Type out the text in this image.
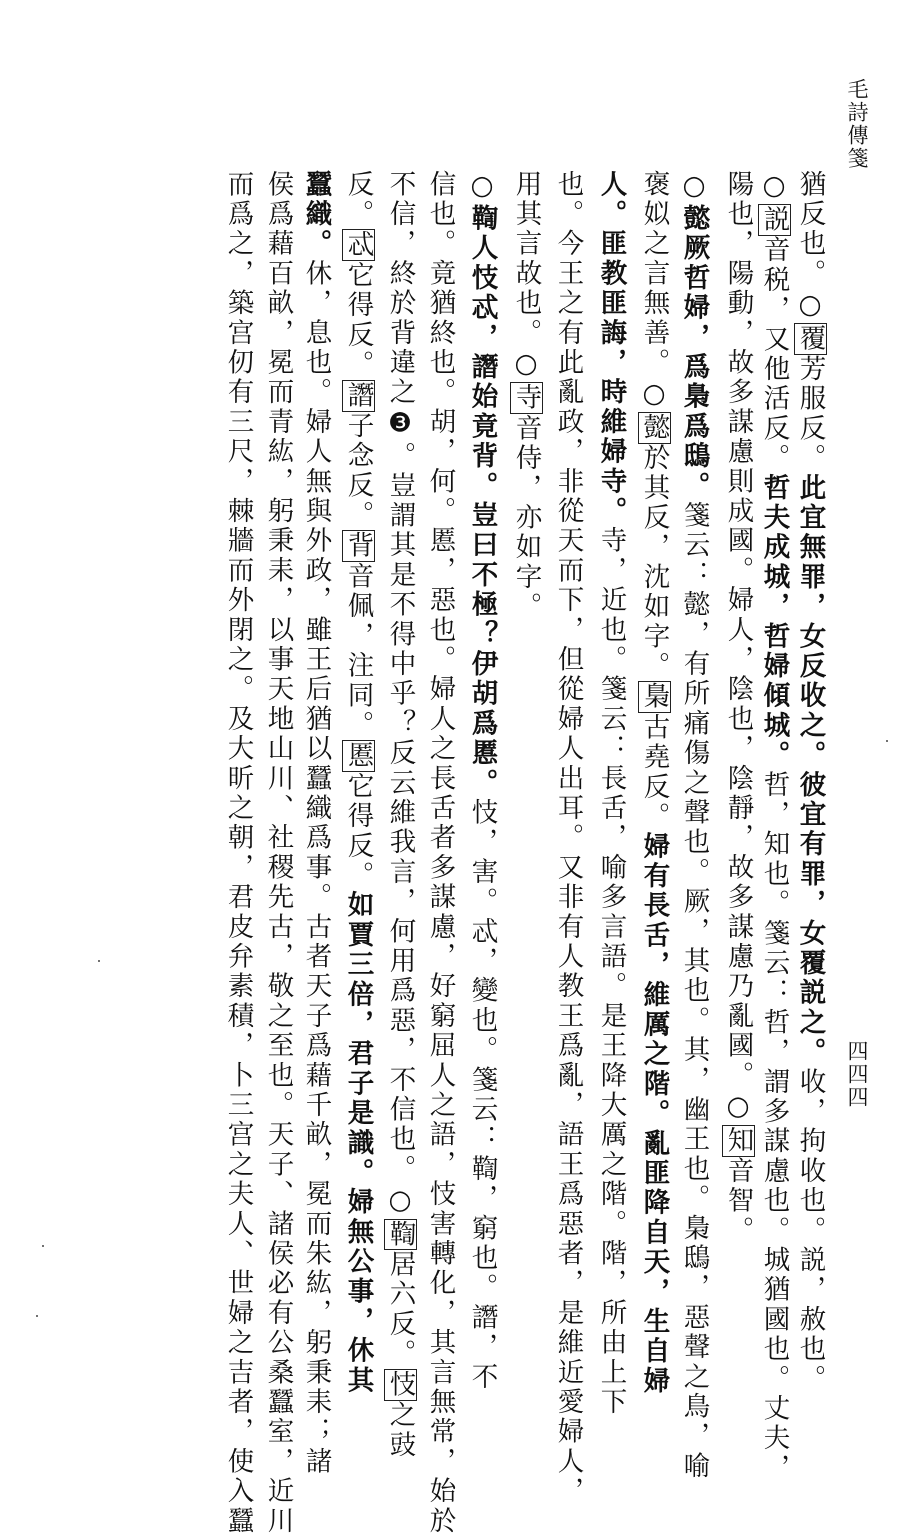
毛詩傳箋
四四四
猶反也。○覆芳服反。此宜無罪，女反收之。彼宜有罪，女覆説之。收，拘收也。説，赦也。
○説音税，又他活反。哲夫成城，哲婦傾城。哲，知也。箋云：哲，謂多謀慮也。城猶國也。丈夫，
陽也，陽動，故多謀慮則成國。婦人，陰也，陰靜，故多謀慮乃亂國。○知音智。
○懿厥哲婦，爲梟爲鴟。箋云：懿，有所痛傷之聲也。厥，其也。其，幽王也。梟鴟，惡聲之鳥，喻
褒姒之言無善。○懿於其反，沈如字。梟古堯反。婦有長舌，維厲之階。亂匪降自天，生自婦
人。匪教匪誨，時維婦寺。寺，近也。箋云：長舌，喻多言語。是王降大厲之階。階，所由上下
也。今王之有此亂政，非從天而下，但從婦人出耳。又非有人教王爲亂，語王爲惡者，是維近愛婦人，
用其言故也。○寺音侍，亦如字。
○鞫人忮忒，譖始竟背。豈曰不極？伊胡爲慝。忮，害。忒，變也。箋云：鞫，窮也。譖，不
信也。竟猶終也。胡，何。慝，惡也。婦人之長舌者多謀慮，好窮屈人之語，忮害轉化，其言無常，始於
不信，終於背違之❸。豈謂其是不得中乎？反云維我言，何用爲惡，不信也。○鞫居六反。忮之豉
反。忒它得反。譖子念反。背音佩，注同。慝它得反。如賈三倍，君子是識。婦無公事，休其
蠶織。休，息也。婦人無與外政，雖王后猶以蠶織爲事。古者天子爲藉千畝，冕而朱紘，躬秉耒；諸
侯爲藉百畝，冕而青紘，躬秉耒，以事天地山川、社稷先古，敬之至也。天子、諸侯必有公桑蠶室，近川
而爲之，築宫仞有三尺，棘牆而外閉之。及大昕之朝，君皮弁素積，卜三宫之夫人、世婦之吉者，使入蠶
